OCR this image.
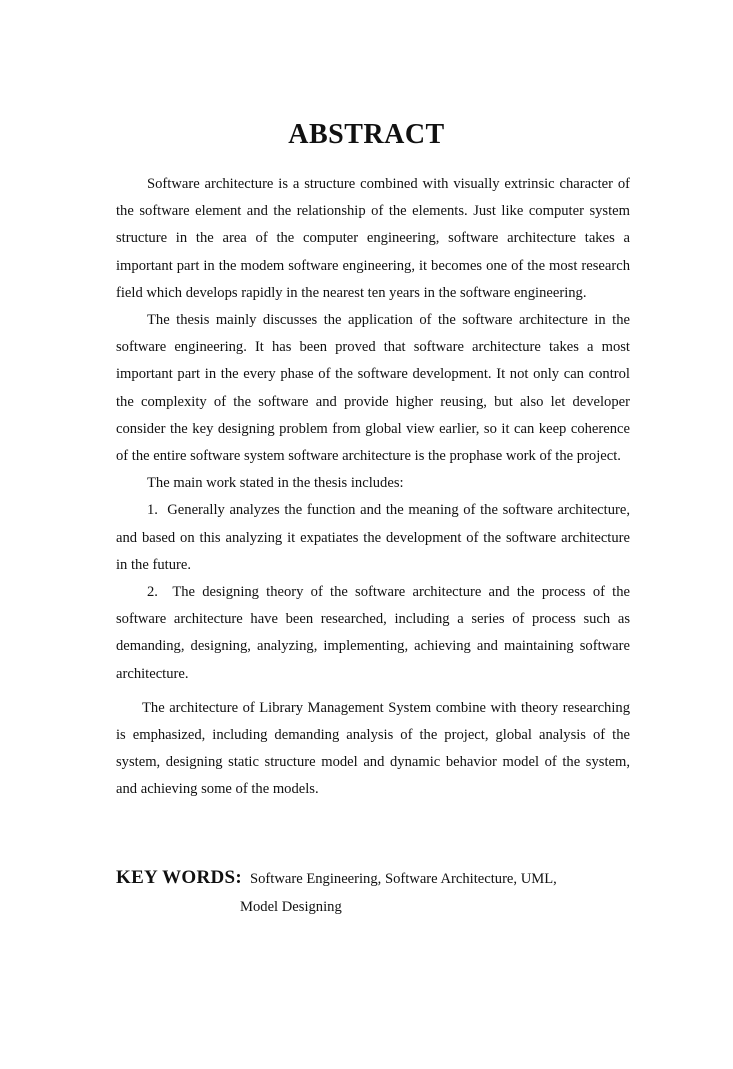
ABSTRACT

Software architecture is a structure combined with visually extrinsic character of the software element and the relationship of the elements. Just like computer system structure in the area of the computer engineering, software architecture takes a important part in the modem software engineering, it becomes one of the most research field which develops rapidly in the nearest ten years in the software engineering.

The thesis mainly discusses the application of the software architecture in the software engineering. It has been proved that software architecture takes a most important part in the every phase of the software development. It not only can control the complexity of the software and provide higher reusing, but also let developer consider the key designing problem from global view earlier, so it can keep coherence of the entire software system software architecture is the prophase work of the project.

The main work stated in the thesis includes:

1.  Generally analyzes the function and the meaning of the software architecture, and based on this analyzing it expatiates the development of the software architecture in the future.

2.  The designing theory of the software architecture and the process of the software architecture have been researched, including a series of process such as demanding, designing, analyzing, implementing, achieving and maintaining software architecture.

The architecture of Library Management System combine with theory researching is emphasized, including demanding analysis of the project, global analysis of the system, designing static structure model and dynamic behavior model of the system, and achieving some of the models.

KEY WORDS: Software Engineering, Software Architecture, UML,
Model Designing
